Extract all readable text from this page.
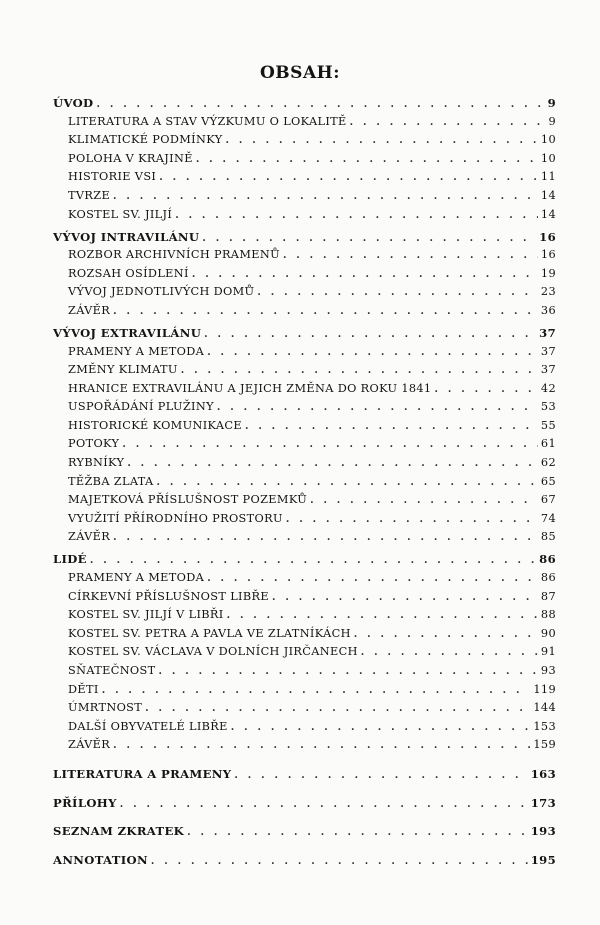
OBSAH:
ÚVOD . . .	9
LITERATURA A STAV VÝZKUMU O LOKALITĚ . . .	9
KLIMATICKÉ PODMÍNKY . . .	10
POLOHA V KRAJINĚ . . .	10
HISTORIE VSI . . .	11
TVRZE . . .	14
KOSTEL SV. JILJÍ . . .	14
VÝVOJ INTRAVILÁNU . . .	16
ROZBOR ARCHIVNÍCH PRAMENŮ . . .	16
ROZSAH OSÍDLENÍ . . .	19
VÝVOJ JEDNOTLIVÝCH DOMŮ . . .	23
ZÁVĚR . . .	36
VÝVOJ EXTRAVILÁNU . . .	37
PRAMENY A METODA . . .	37
ZMĚNY KLIMATU . . .	37
HRANICE EXTRAVILÁNU A JEJICH ZMĚNA DO ROKU 1841 . . .	42
USPOŘÁDÁNÍ PLUŽINY . . .	53
HISTORICKÉ KOMUNIKACE . . .	55
POTOKY . . .	61
RYBNÍKY . . .	62
TĚŽBA ZLATA . . .	65
MAJETKOVÁ PŘÍSLUŠNOST POZEMKŮ . . .	67
VYUŽITÍ PŘÍRODNÍHO PROSTORU . . .	74
ZÁVĚR . . .	85
LIDÉ . . .	86
PRAMENY A METODA . . .	86
CÍRKEVNÍ PŘÍSLUŠNOST LIBŘE . . .	87
KOSTEL SV. JILJÍ V LIBŘI . . .	88
KOSTEL SV. PETRA A PAVLA VE ZLATNÍKÁCH . . .	90
KOSTEL SV. VÁCLAVA V DOLNÍCH JIRČANECH . . .	91
SŇATEČNOST . . .	93
DĚTI . . .	119
ÚMRTNOST . . .	144
DALŠÍ OBYVATELÉ LIBŘE . . .	153
ZÁVĚR . . .	159
LITERATURA A PRAMENY . . .	163
PŘÍLOHY . . .	173
SEZNAM ZKRATEK . . .	193
ANNOTATION . . .	195
